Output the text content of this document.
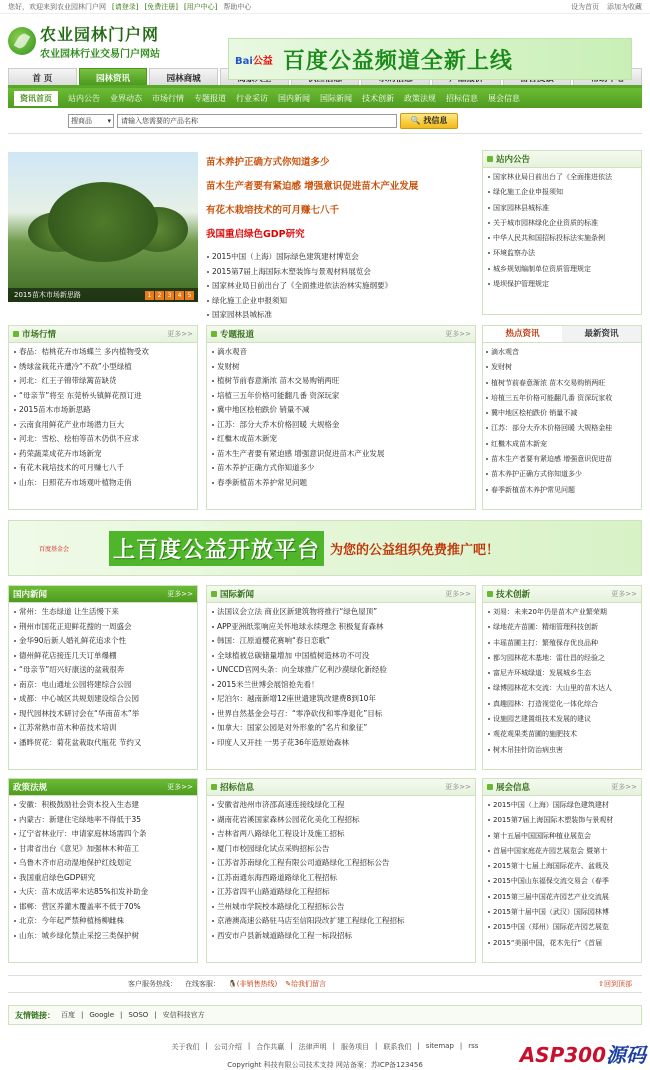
您好，欢迎来到农业园林门户网 [请登录] [免费注册] [用户中心] 帮助中心	设为首页 添加为收藏
农业园林门户网
农业园林行业交易门户网站
Bai公益 百度公益频道全新上线
首 页	园林资讯	园林商城
资讯首页	站内公告 业界动态 市场行情 专题报道 行业采访 国内新闻 国际新闻 技术创新 政策法规 招标信息 展会信息
搜商品 ▾	请输入您需要的产品名称	🔍 找信息
2015苗木市场新思路	1	2	3	4	5
苗木养护正确方式你知道多少
苗木生产者要有紧迫感 增强意识促进苗木产业发展
有花木栽培技术的可月赚七八千
我国重启绿色GDP研究
2015中国（上海）国际绿色建筑建材博览会
2015第7届上海国际木塑装饰与景观材料展览会
国家林业局日前出台了《全面推进依法治林实施纲要》
绿化施工企业申报须知
国家园林县城标准
站内公告
国家林业局日前出台了《全面推进依法
绿化施工企业申报须知
国家园林县城标准
关于城市园林绿化企业资质的标准
中华人民共和国招标投标法实施条例
环境监察办法
城乡规划编制单位资质管理规定
堤坝保护管理规定
市场行情	更多>>
春品：桔桃花卉市场蝶兰 多内植物受欢
绣球盆栽花卉遭冷“不敌”小型绿植
河北：红王子锦带绿篱苗缺货
“母亲节”将至 东莞桥头镇鲜花预订进
2015苗木市场新思路
云南食用鲜花产业市场潜力巨大
河北：雪松、桧柏等苗木仍供不应求
药荣蔬菜成花卉市场新宠
有花木栽培技术的可月赚七八千
山东：日照花卉市场观叶植物走俏
专题报道	更多>>
滴水观音
发财树
植树节前春意渐浓 苗木交易购销两旺
培植三五年价格可能翻几番 资深玩家
冀中地区桧柏跌价 销量不减
江苏：部分大乔木价格回暖 大规格金
红檵木成苗木新宠
苗木生产者要有紧迫感 增强意识促进苗木产业发展
苗木养护正确方式你知道多少
春季新植苗木养护常见问题
热点资讯	最新资讯
滴水观音
发财树
植树节前春意渐浓 苗木交易购销两旺
培植三五年价格可能翻几番 资深玩家收
冀中地区桧柏跌价 销量不减
江苏：部分大乔木价格回暖 大规格金桂
红檵木成苗木新宠
苗木生产者要有紧迫感 增强意识促进苗
苗木养护正确方式你知道多少
春季新植苗木养护常见问题
百度基金会	上百度公益开放平台 为您的公益组织免费推广吧！
国内新闻	更多>>
常州：生态绿道 让生活慢下来
荆州市国花正迎鲜花搜的一周盛会
金华90后新人婚礼鲜花追求个性
德州鲜花店接连几天订单爆棚
“母亲节”绍兴好康送的盆栽很奔
南京：电山通址公园将建综合公园
成都：中心城区共规划建设综合公园
现代园林技术研讨会在“华南苗木”举
江苏常熟市苗木种苗技术培训
潘晔贸花：菊花盆栽取代瓶花 节约又
国际新闻	更多>>
法国议会立法 商业区新建筑物将推行“绿色屋顶”
APP亚洲纸浆响应关怀地球永续理念 积极复育森林
韩国：江原道樱花赛响“春日恋歌”
全球植被总碳储量增加 中国植树造林功不可没
UNCCD官网头条：向全球推广亿利沙漠绿化新经验
2015米兰世博会展馆抢先看！
尼泊尔：越南新增12座世遗建筑改建费8到10年
世界自然基金会号召：“零净砍伐和零净退化”目标
加拿大：国家公园是对外形象的“名片和象征”
印度人又开挂 一男子花36年造原始森林
技术创新	更多>>
刘易：未来20年仍是苗木产业繁荣期
绿地花卉苗圃：精细管理科技创新
丰瑶苗圃主打：繁殖保存优良品种
都匀园林花木基地：雷仕昌的经验之
富尼卉环城绿道：发展城乡生态
绿博园林花木交流：大山里的苗木达人
真趣园林：打造视觉化一体化综合
设施园艺建置组技术发展的建议
观花观果类苗圃的施肥技术
树木吊挂针防治病虫害
政策法规	更多>>
安徽：积极鼓励社会资本投入生态建
内蒙古：新建住宅绿地率不得低于35
辽宁省林业厅：申请家庭林场需四个条
甘肃省出台《意见》加强林木种苗工
乌鲁木齐市启动湿地保护红线划定
我国重启绿色GDP研究
大庆：苗木成活率未达85%扣发补助金
邯郸：营区养灌木覆盖率不低于70%
北京：今年起严禁种植杨柳雌株
山东：城乡绿化禁止采挖三类保护树
招标信息	更多>>
安徽省池州市济邵高速连接线绿化工程
湖南花岩溪国家森林公园花化美化工程招标
吉林省两八路绿化工程设计及施工招标
厦门市校园绿化试点采购招标公告
江苏省苏南绿化工程有限公司道路绿化工程招标公告
江苏南通东海西路道路绿化工程招标
江苏省四平山路道路绿化工程招标
兰州城市学院校本路绿化工程招标公告
京港澳高速公路驻马店至信阳段改扩建工程绿化工程招标
西安市户县新城道路绿化工程一标段招标
展会信息	更多>>
2015中国（上海）国际绿色建筑建材
2015第7届上海国际木塑装饰与景观材
第十五届中国国际种植业展览会
首届中国家庭花卉园艺展览会 暨第十
2015第十七届上海国际花卉、盆栽及
2015中国山东福保交流交易会（春季
2015第三届中国花卉园艺产业交流展
2015第十届中国（武汉）国际园林博
2015中国（郑州）国际花卉园艺展览
2015“美丽中国，花木先行”《首届
客户服务热线： 在线客服： 🐧(非销售热线) ✎给我们留言	⇧回到顶部
友情链接： 百度 | Google | SOSO | 安信科技官方
关于我们 | 公司介绍 | 合作共赢 | 法律声明 | 服务项目 | 联系我们 | sitemap | rss
Copyright 科技有限公司技术支持 网站备案：苏ICP备123456	ASP300源码
